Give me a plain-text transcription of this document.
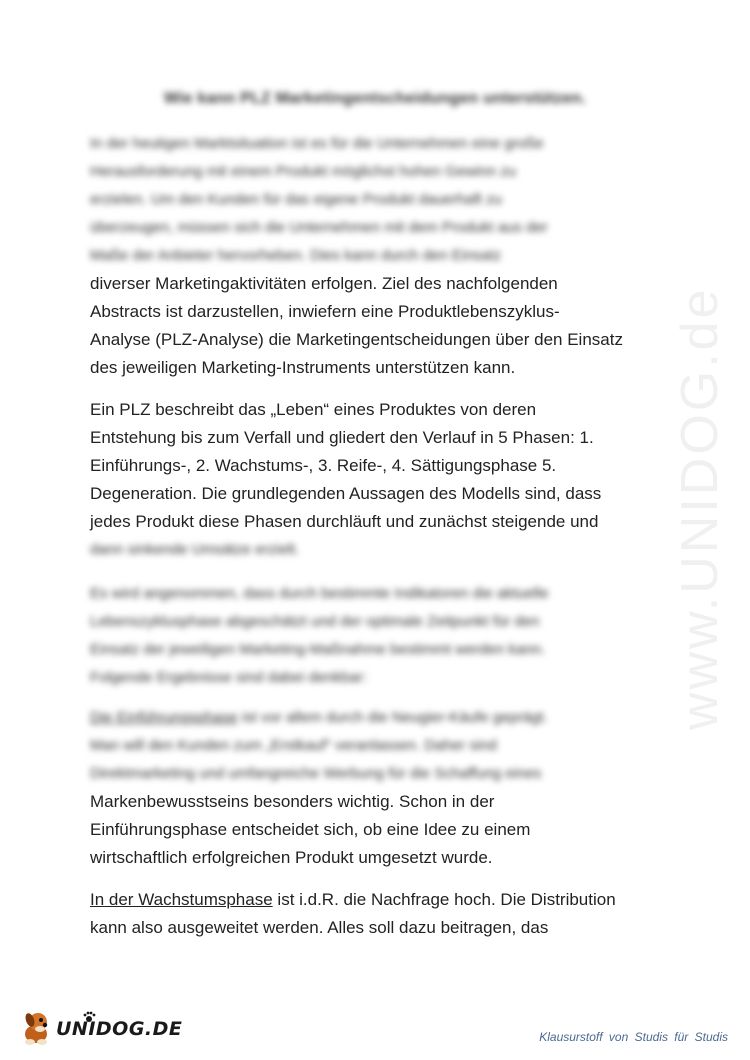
www.UNIDOG.de
Wie kann PLZ Marketingentscheidungen unterstützen.
In der heutigen Marktsituation ist es für die Unternehmen eine große
Herausforderung mit einem Produkt möglichst hohen Gewinn zu
erzielen. Um den Kunden für das eigene Produkt dauerhaft zu
überzeugen, müssen sich die Unternehmen mit dem Produkt aus der
Maße der Anbieter hervorheben. Dies kann durch den Einsatz
diverser Marketingaktivitäten erfolgen. Ziel des nachfolgenden
Abstracts ist darzustellen, inwiefern eine Produktlebenszyklus-
Analyse (PLZ-Analyse) die Marketingentscheidungen über den Einsatz
des jeweiligen Marketing-Instruments unterstützen kann.
Ein PLZ beschreibt das „Leben“ eines Produktes von deren
Entstehung bis zum Verfall und gliedert den Verlauf in 5 Phasen: 1.
Einführungs-, 2. Wachstums-, 3. Reife-, 4. Sättigungsphase 5.
Degeneration. Die grundlegenden Aussagen des Modells sind, dass
jedes Produkt diese Phasen durchläuft und zunächst steigende und
dann sinkende Umsätze erzielt.
Es wird angenommen, dass durch bestimmte Indikatoren die aktuelle
Lebenszyklusphase abgeschätzt und der optimale Zeitpunkt für den
Einsatz der jeweiligen Marketing-Maßnahme bestimmt werden kann.
Folgende Ergebnisse sind dabei denkbar:
Die Einführungsphase ist vor allem durch die Neugier-Käufe geprägt.
Man will den Kunden zum „Erstkauf“ veranlassen. Daher sind
Direktmarketing und umfangreiche Werbung für die Schaffung eines
Markenbewusstseins besonders wichtig. Schon in der
Einführungsphase entscheidet sich, ob eine Idee zu einem
wirtschaftlich erfolgreichen Produkt umgesetzt wurde.
In der Wachstumsphase ist i.d.R. die Nachfrage hoch. Die Distribution
kann also ausgeweitet werden. Alles soll dazu beitragen, das
UNIDOG.DE	Klausurstoff von Studis für Studis
